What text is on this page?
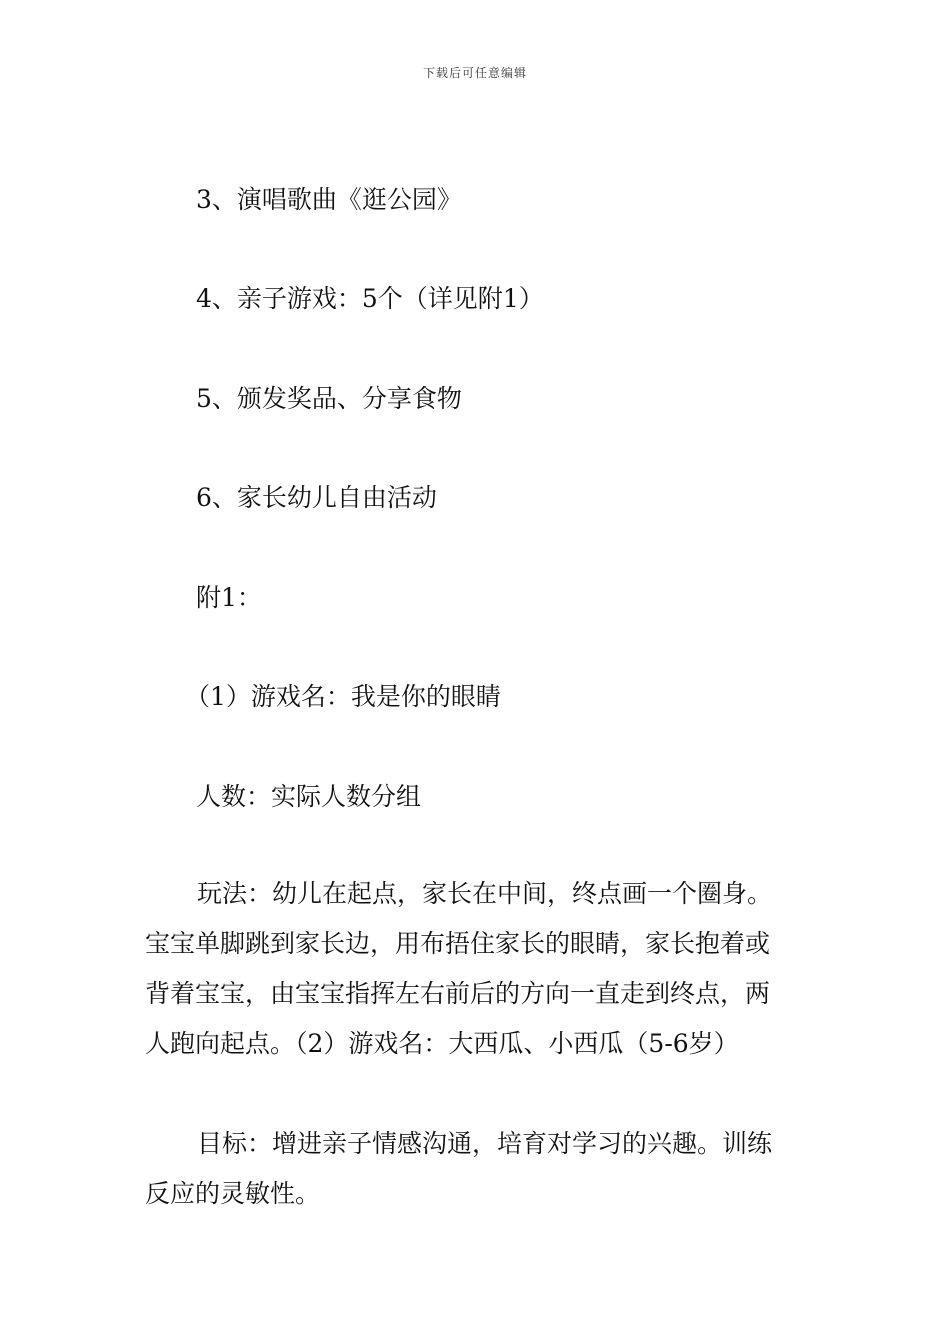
下载后可任意编辑
3、演唱歌曲《逛公园》
4、亲子游戏：5个（详见附1）
5、颁发奖品、分享食物
6、家长幼儿自由活动
附1：
（1）游戏名：我是你的眼睛
人数：实际人数分组
玩法：幼儿在起点，家长在中间，终点画一个圈身。
宝宝单脚跳到家长边，用布捂住家长的眼睛，家长抱着或
背着宝宝，由宝宝指挥左右前后的方向一直走到终点，两
人跑向起点。（2）游戏名：大西瓜、小西瓜（5-6岁）
目标：增进亲子情感沟通，培育对学习的兴趣。训练
反应的灵敏性。
